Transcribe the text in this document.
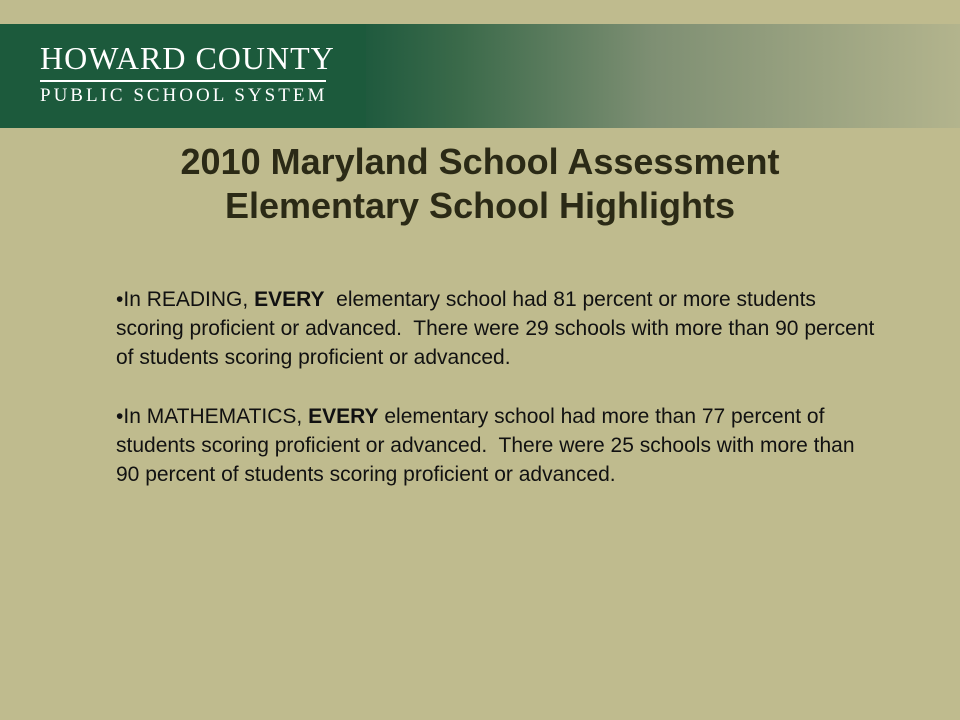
HOWARD COUNTY
PUBLIC SCHOOL SYSTEM
2010 Maryland School Assessment
Elementary School Highlights
•In READING, EVERY  elementary school had 81 percent or more students scoring proficient or advanced.  There were 29 schools with more than 90 percent of students scoring proficient or advanced.
•In MATHEMATICS, EVERY elementary school had more than 77 percent of students scoring proficient or advanced.  There were 25 schools with more than 90 percent of students scoring proficient or advanced.
